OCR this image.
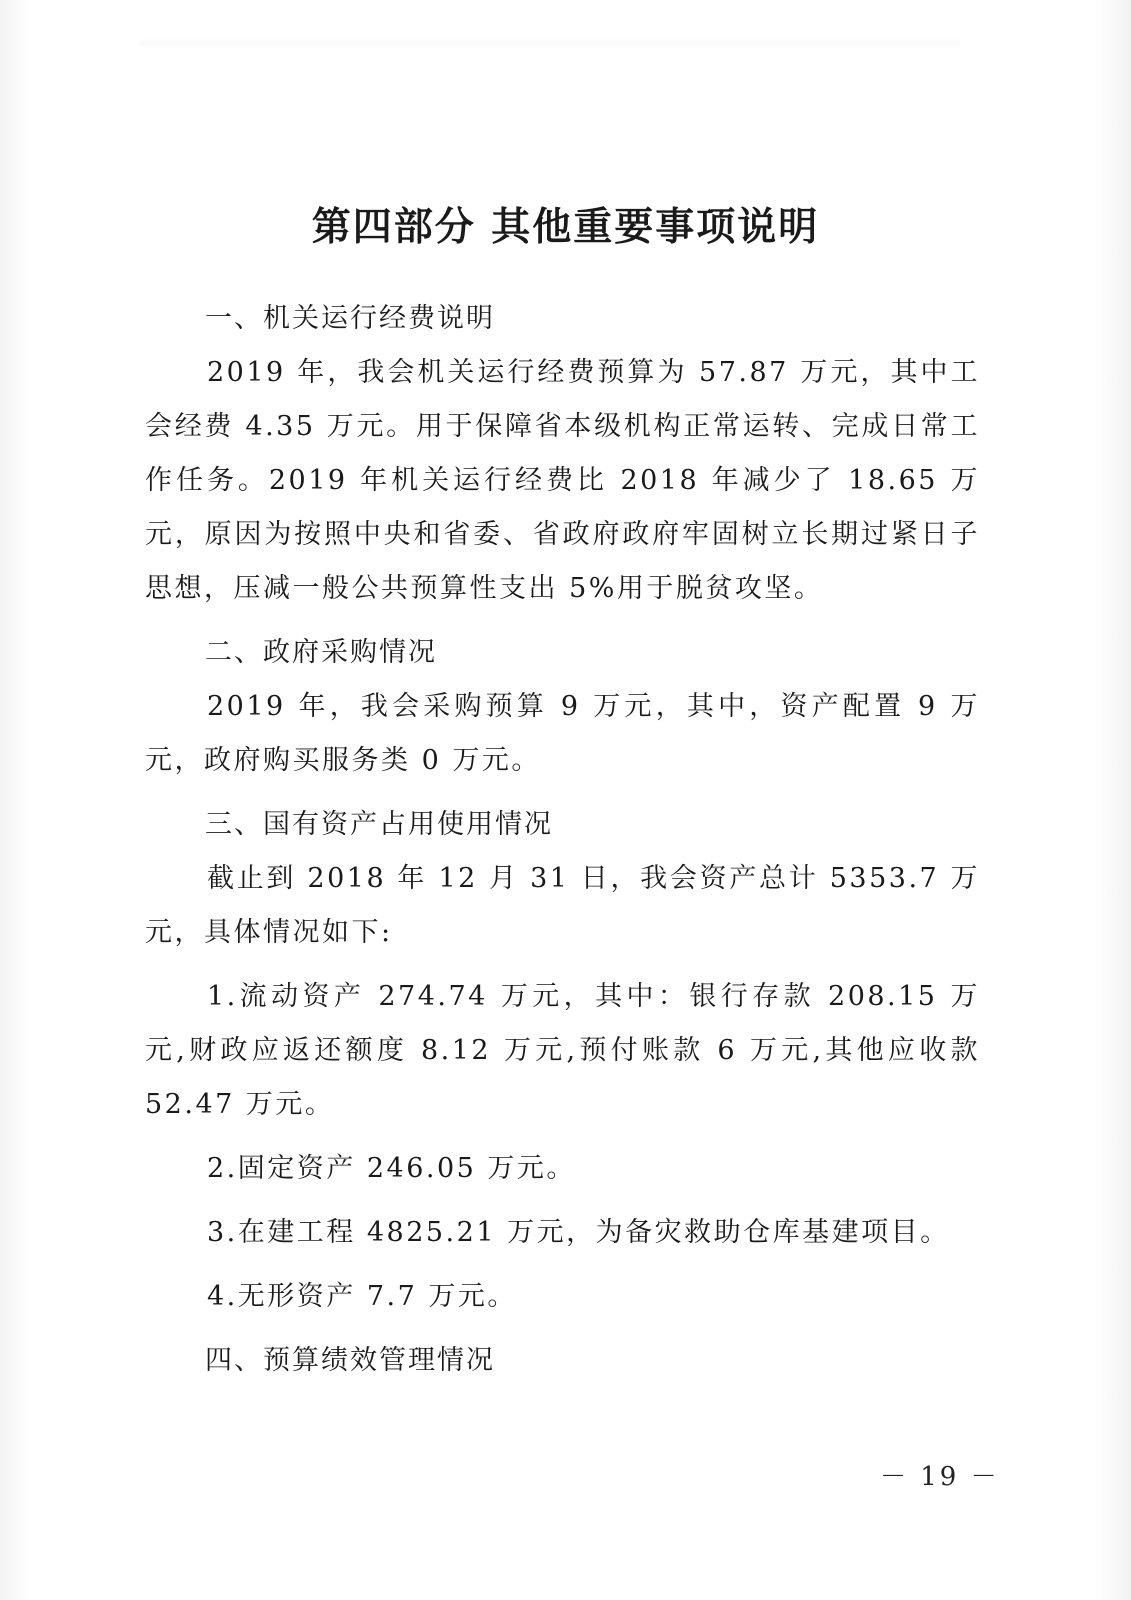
第四部分 其他重要事项说明
一、机关运行经费说明

2019 年，我会机关运行经费预算为 57.87 万元，其中工会经费 4.35 万元。用于保障省本级机构正常运转、完成日常工作任务。2019 年机关运行经费比 2018 年减少了 18.65 万元，原因为按照中央和省委、省政府政府牢固树立长期过紧日子思想，压减一般公共预算性支出 5%用于脱贫攻坚。

二、政府采购情况

2019 年，我会采购预算 9 万元，其中，资产配置 9 万元，政府购买服务类 0 万元。

三、国有资产占用使用情况

截止到 2018 年 12 月 31 日，我会资产总计 5353.7 万元，具体情况如下:

1.流动资产 274.74 万元，其中：银行存款 208.15 万元,财政应返还额度 8.12 万元,预付账款 6 万元,其他应收款 52.47 万元。

2.固定资产 246.05 万元。

3.在建工程 4825.21 万元，为备灾救助仓库基建项目。

4.无形资产 7.7 万元。

四、预算绩效管理情况
－ 19 －
